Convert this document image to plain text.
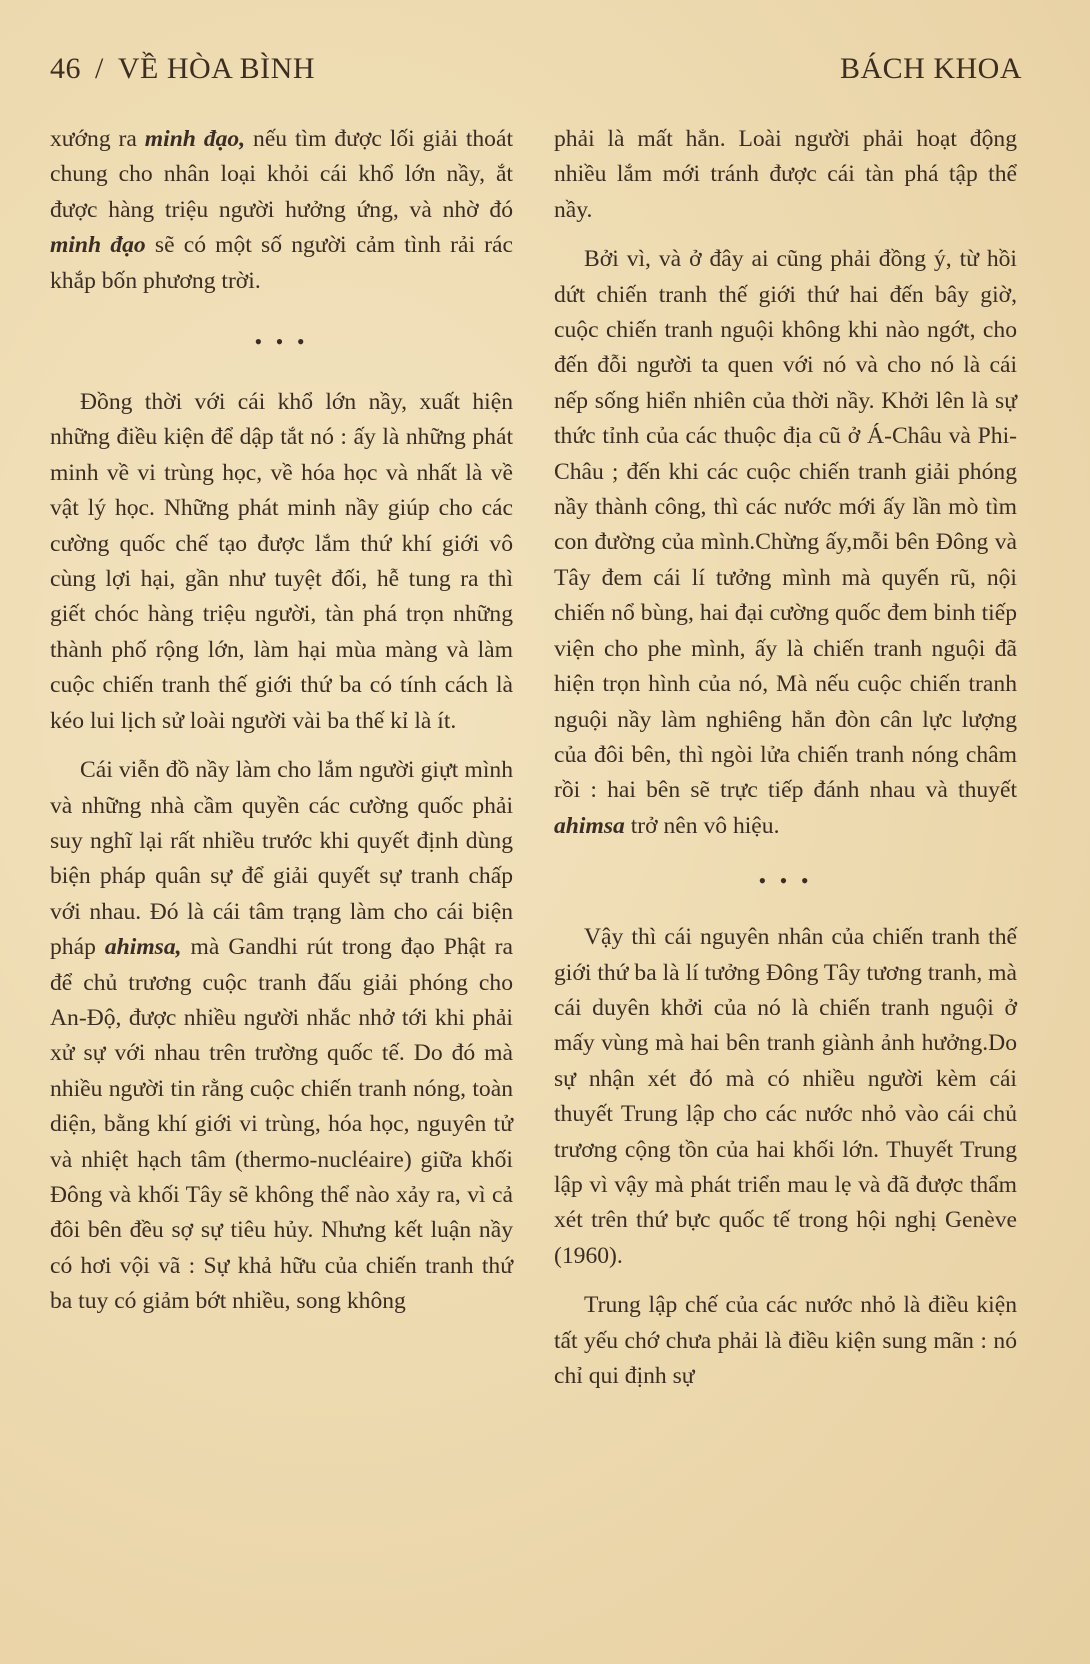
46 / VỀ HÒA BÌNH	BÁCH KHOA

xướng ra minh đạo, nếu tìm được lối giải thoát chung cho nhân loại khỏi cái khổ lớn nầy, ắt được hàng triệu người hưởng ứng, và nhờ đó minh đạo sẽ có một số người cảm tình rải rác khắp bốn phương trời.

• • •

Đồng thời với cái khổ lớn nầy, xuất hiện những điều kiện để dập tắt nó : ấy là những phát minh về vi trùng học, về hóa học và nhất là về vật lý học. Những phát minh nầy giúp cho các cường quốc chế tạo được lắm thứ khí giới vô cùng lợi hại, gần như tuyệt đối, hễ tung ra thì giết chóc hàng triệu người, tàn phá trọn những thành phố rộng lớn, làm hại mùa màng và làm cuộc chiến tranh thế giới thứ ba có tính cách là kéo lui lịch sử loài người vài ba thế kỉ là ít.

Cái viễn đồ nầy làm cho lắm người giựt mình và những nhà cầm quyền các cường quốc phải suy nghĩ lại rất nhiều trước khi quyết định dùng biện pháp quân sự để giải quyết sự tranh chấp với nhau. Đó là cái tâm trạng làm cho cái biện pháp ahimsa, mà Gandhi rút trong đạo Phật ra để chủ trương cuộc tranh đấu giải phóng cho An-Độ, được nhiều người nhắc nhở tới khi phải xử sự với nhau trên trường quốc tế. Do đó mà nhiều người tin rằng cuộc chiến tranh nóng, toàn diện, bằng khí giới vi trùng, hóa học, nguyên tử và nhiệt hạch tâm (thermo-nucléaire) giữa khối Đông và khối Tây sẽ không thể nào xảy ra, vì cả đôi bên đều sợ sự tiêu hủy. Nhưng kết luận nầy có hơi vội vã : Sự khả hữu của chiến tranh thứ ba tuy có giảm bớt nhiều, song không

phải là mất hẳn. Loài người phải hoạt động nhiều lắm mới tránh được cái tàn phá tập thể nầy.

Bởi vì, và ở đây ai cũng phải đồng ý, từ hồi dứt chiến tranh thế giới thứ hai đến bây giờ, cuộc chiến tranh nguội không khi nào ngớt, cho đến đỗi người ta quen với nó và cho nó là cái nếp sống hiển nhiên của thời nầy. Khởi lên là sự thức tỉnh của các thuộc địa cũ ở Á-Châu và Phi-Châu ; đến khi các cuộc chiến tranh giải phóng nầy thành công, thì các nước mới ấy lần mò tìm con đường của mình.Chừng ấy,mỗi bên Đông và Tây đem cái lí tưởng mình mà quyến rũ, nội chiến nổ bùng, hai đại cường quốc đem binh tiếp viện cho phe mình, ấy là chiến tranh nguội đã hiện trọn hình của nó, Mà nếu cuộc chiến tranh nguội nầy làm nghiêng hẳn đòn cân lực lượng của đôi bên, thì ngòi lửa chiến tranh nóng châm rồi : hai bên sẽ trực tiếp đánh nhau và thuyết ahimsa trở nên vô hiệu.

• • •

Vậy thì cái nguyên nhân của chiến tranh thế giới thứ ba là lí tưởng Đông Tây tương tranh, mà cái duyên khởi của nó là chiến tranh nguội ở mấy vùng mà hai bên tranh giành ảnh hưởng.Do sự nhận xét đó mà có nhiều người kèm cái thuyết Trung lập cho các nước nhỏ vào cái chủ trương cộng tồn của hai khối lớn. Thuyết Trung lập vì vậy mà phát triển mau lẹ và đã được thẩm xét trên thứ bực quốc tế trong hội nghị Genève (1960).

Trung lập chế của các nước nhỏ là điều kiện tất yếu chớ chưa phải là điều kiện sung mãn : nó chỉ qui định sự
